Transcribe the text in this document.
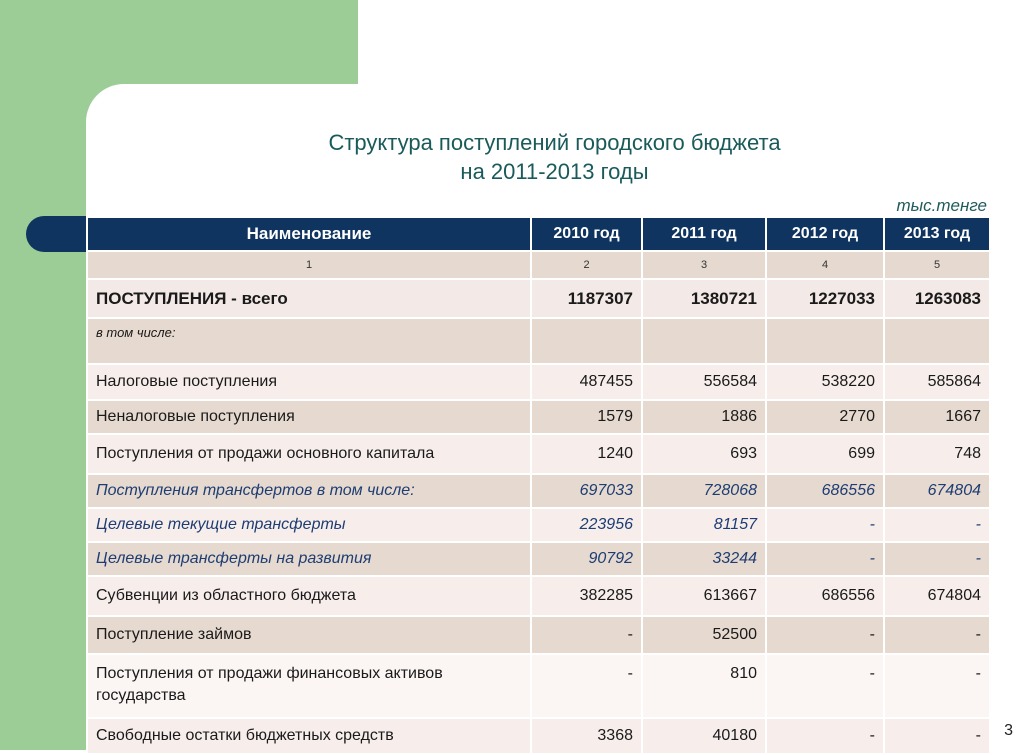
Структура поступлений городского бюджета
на 2011-2013 годы
тыс.тенге
Наименование	2010 год	2011 год	2012 год	2013 год
1	2	3	4	5
ПОСТУПЛЕНИЯ - всего	1187307	1380721	1227033	1263083
в том числе:				
Налоговые поступления	487455	556584	538220	585864
Неналоговые поступления	1579	1886	2770	1667
Поступления от продажи основного капитала	1240	693	699	748
Поступления трансфертов в том числе:	697033	728068	686556	674804
Целевые текущие трансферты	223956	81157	-	-
Целевые трансферты на развития	90792	33244	-	-
Субвенции из областного бюджета	382285	613667	686556	674804
Поступление займов	-	52500	-	-
Поступления от продажи финансовых активов государства	-	810	-	-
Свободные остатки бюджетных средств	3368	40180	-	- 3
